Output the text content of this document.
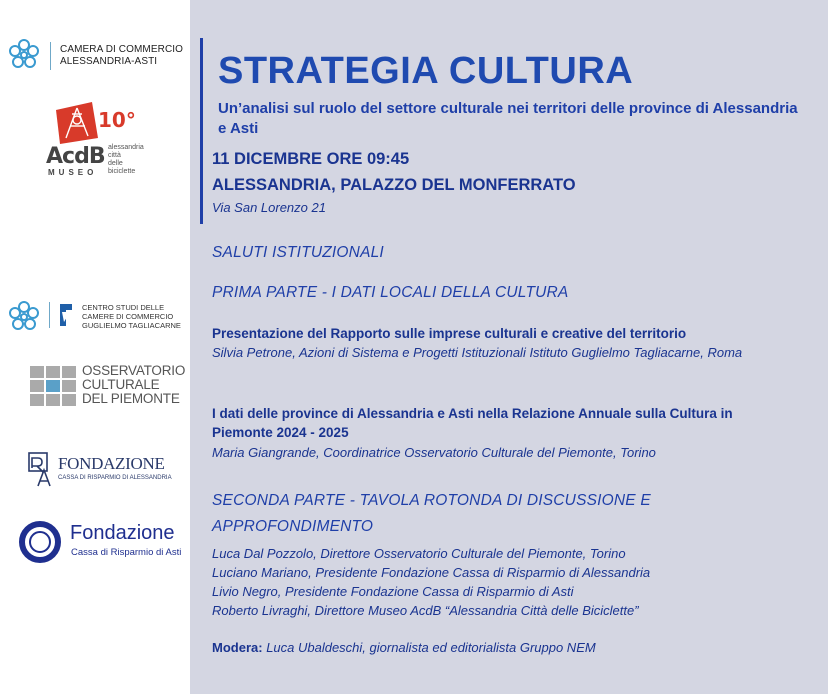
CAMERA DI COMMERCIO
ALESSANDRIA-ASTI
10°
AcdB
MUSEO
alessandria
città
delle
biciclette
CENTRO STUDI DELLE
CAMERE DI COMMERCIO
GUGLIELMO TAGLIACARNE
OSSERVATORIO
CULTURALE
DEL PIEMONTE
FONDAZIONE
CASSA DI RISPARMIO DI ALESSANDRIA
Fondazione
Cassa di Risparmio di Asti
STRATEGIA CULTURA
Un’analisi sul ruolo del settore culturale nei territori delle province di Alessandria e Asti
11 DICEMBRE ORE 09:45
ALESSANDRIA, PALAZZO DEL MONFERRATO
Via San Lorenzo 21
SALUTI ISTITUZIONALI
PRIMA PARTE - I DATI LOCALI DELLA CULTURA
Presentazione del Rapporto sulle imprese culturali e creative del territorio
Silvia Petrone, Azioni di Sistema e Progetti Istituzionali Istituto Guglielmo Tagliacarne, Roma
I dati delle province di Alessandria e Asti nella Relazione Annuale sulla Cultura in Piemonte 2024 - 2025
Maria Giangrande, Coordinatrice Osservatorio Culturale del Piemonte, Torino
SECONDA PARTE - TAVOLA ROTONDA DI DISCUSSIONE E APPROFONDIMENTO
Luca Dal Pozzolo, Direttore Osservatorio Culturale del Piemonte, Torino
Luciano Mariano, Presidente Fondazione Cassa di Risparmio di Alessandria
Livio Negro, Presidente Fondazione Cassa di Risparmio di Asti
Roberto Livraghi, Direttore Museo AcdB “Alessandria Città delle Biciclette”
Modera: Luca Ubaldeschi, giornalista ed editorialista Gruppo NEM
